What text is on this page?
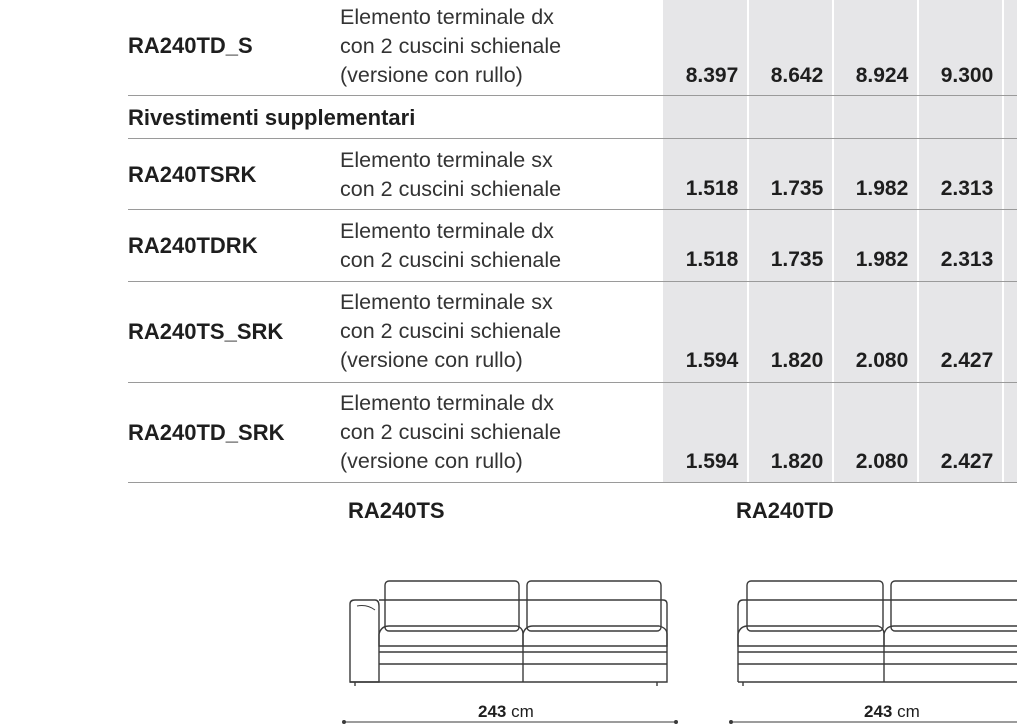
RA240TD_S
Elemento terminale dx
con 2 cuscini schienale
(versione con rullo)	8.397	8.642	8.924	9.300
Rivestimenti supplementari
RA240TSRK
Elemento terminale sx
con 2 cuscini schienale	1.518	1.735	1.982	2.313
RA240TDRK
Elemento terminale dx
con 2 cuscini schienale	1.518	1.735	1.982	2.313
RA240TS_SRK
Elemento terminale sx
con 2 cuscini schienale
(versione con rullo)	1.594	1.820	2.080	2.427
RA240TD_SRK
Elemento terminale dx
con 2 cuscini schienale
(versione con rullo)	1.594	1.820	2.080	2.427
RA240TS	RA240TD
243 cm	243 cm
